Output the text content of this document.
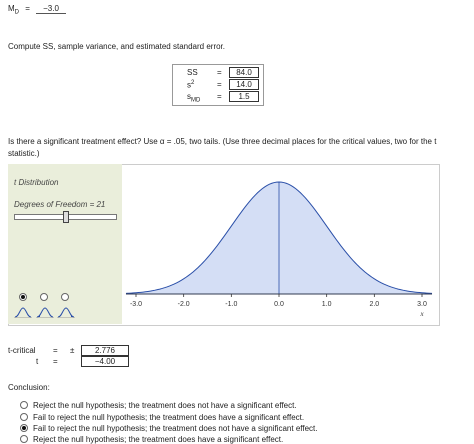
$M_D$ =	−3.0
Compute SS, sample variance, and estimated standard error.
SS =	84.0
$s^2$	=	14.0
$s_{MD}$ =	1.5
Is there a significant treatment effect? Use α = .05, two tails. (Use three decimal places for the critical values, two for the t statistic.)
t Distribution
Degrees of Freedom = 21
-3.0	-2.0	-1.0	0.0	1.0	2.0	3.0
x
t-critical = ±	2.776
t =	−4.00
Conclusion:
Reject the null hypothesis; the treatment does not have a significant effect.
Fail to reject the null hypothesis; the treatment does have a significant effect.
Fail to reject the null hypothesis; the treatment does not have a significant effect.
Reject the null hypothesis; the treatment does have a significant effect.
